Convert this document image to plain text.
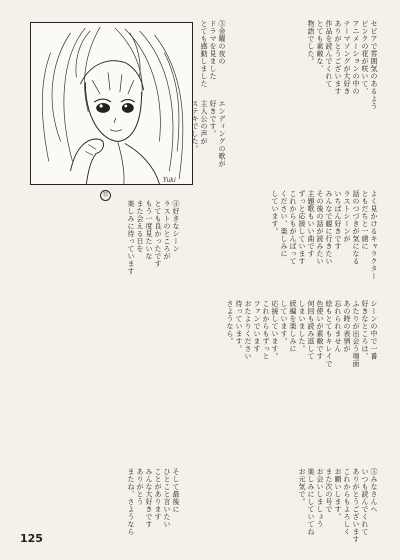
Yuki
セピアで雰囲気のあるよう
ピンクの花が咲いて、
アニメーションの中の
テーマソングが大好き
ありがとうございます
作品を読んでくれて
とても素敵な、
物語でした。
③金曜の夜の
ドラマを見ました
とても感動しました
エンディングの歌が
好きです。
主人公の声が
ステキでした。
よく見かけるキャラクター
ともだちと一緒に
話のつづきが気になる
ラストシーンが
いちばん好きです
みんなで観に行きたい
その後の話が読みたい
主題歌もいい曲です
ずっと応援しています
これからもがんばって
ください、楽しみに
しています。
⑫
④好きなシーン
ラストのところが
とても良かったです
もう一度見たいな
また会える日を
楽しみに待っています
シーンの中で一番
好きなところは、
ふたりが出会う場面
あの時の表情が
忘れられません
絵もとてもキレイで
色使いが素敵です
何回も読み返して
しまいました。
続編を楽しみに
しています。
応援しています。
これからもずっと
ファンでいます
おたよりください
待っています。
さようなら。
⑤みなさんへ
いつも読んでくれて
ありがとうございます
これからもよろしく
お願いします。
また次の号で
お会いしましょう
楽しみにしていてね
お元気で。
そして最後に
ひとこと言いたい
ことがあります
みんな大好きです
ありがとう
またね、さようなら
125
